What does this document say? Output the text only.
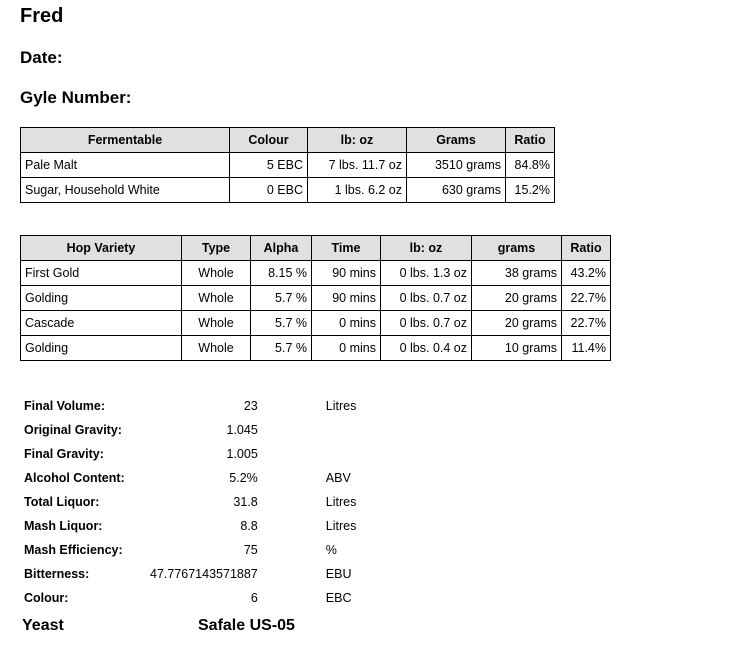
Fred
Date:
Gyle Number:
Fermentable	Colour	lb: oz	Grams	Ratio
Pale Malt	5 EBC	7 lbs. 11.7 oz	3510 grams	84.8%
Sugar, Household White	0 EBC	1 lbs. 6.2 oz	630 grams	15.2%
Hop Variety	Type	Alpha	Time	lb: oz	grams	Ratio
First Gold	Whole	8.15 %	90 mins	0 lbs. 1.3 oz	38 grams	43.2%
Golding	Whole	5.7 %	90 mins	0 lbs. 0.7 oz	20 grams	22.7%
Cascade	Whole	5.7 %	0 mins	0 lbs. 0.7 oz	20 grams	22.7%
Golding	Whole	5.7 %	0 mins	0 lbs. 0.4 oz	10 grams	11.4%
Final Volume:	23	Litres
Original Gravity:	1.045	
Final Gravity:	1.005	
Alcohol Content:	5.2%	ABV
Total Liquor:	31.8	Litres
Mash Liquor:	8.8	Litres
Mash Efficiency:	75	%
Bitterness:	47.7767143571887	EBU
Colour:	6	EBC
Yeast	Safale US-05
